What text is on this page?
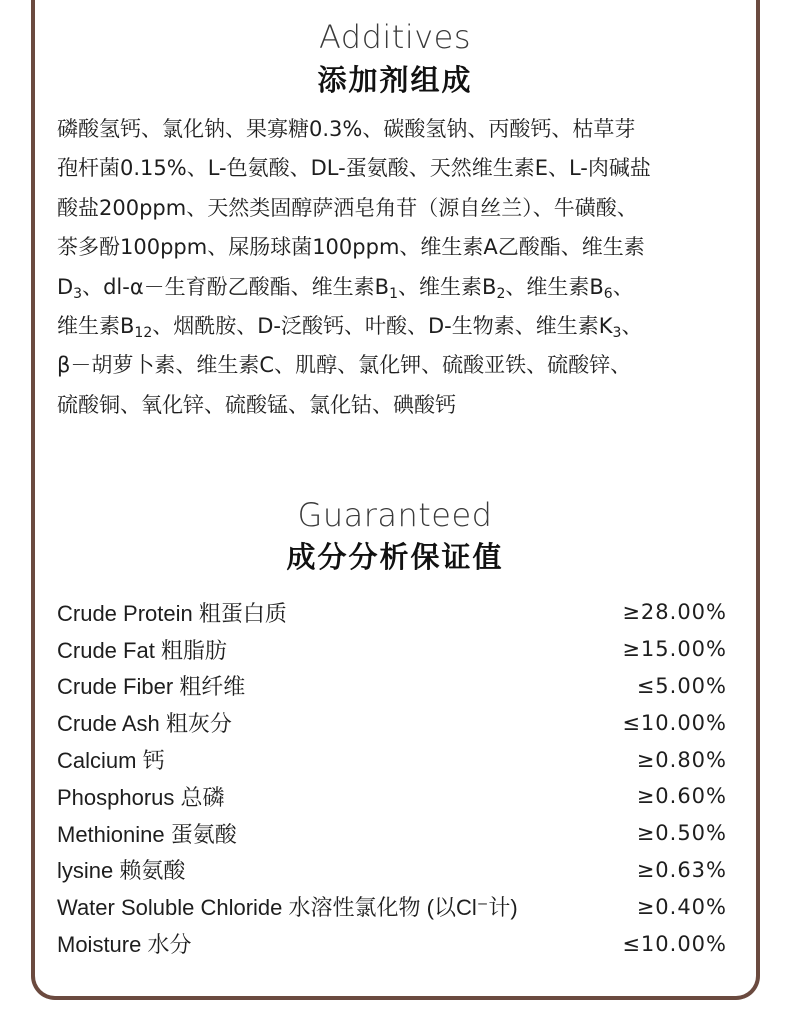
Additives
添加剂组成
磷酸氢钙、氯化钠、果寡糖0.3%、碳酸氢钠、丙酸钙、枯草芽
孢杆菌0.15%、L-色氨酸、DL-蛋氨酸、天然维生素E、L-肉碱盐
酸盐200ppm、天然类固醇萨洒皂角苷（源自丝兰）、牛磺酸、
茶多酚100ppm、屎肠球菌100ppm、维生素A乙酸酯、维生素
$D_3$、dl-α－生育酚乙酸酯、维生素$B_1$、维生素$B_2$、维生素$B_6$、
维生素$B_{12}$、烟酰胺、D-泛酸钙、叶酸、D-生物素、维生素$K_3$、
β－胡萝卜素、维生素C、肌醇、氯化钾、硫酸亚铁、硫酸锌、
硫酸铜、氧化锌、硫酸锰、氯化钴、碘酸钙
Guaranteed
成分分析保证值
Crude Protein 粗蛋白质	≥28.00%
Crude Fat 粗脂肪	≥15.00%
Crude Fiber 粗纤维	≤5.00%
Crude Ash 粗灰分	≤10.00%
Calcium 钙	≥0.80%
Phosphorus 总磷	≥0.60%
Methionine 蛋氨酸	≥0.50%
lysine 赖氨酸	≥0.63%
Water Soluble Chloride 水溶性氯化物 (以Cl⁻计)	≥0.40%
Moisture 水分	≤10.00%
